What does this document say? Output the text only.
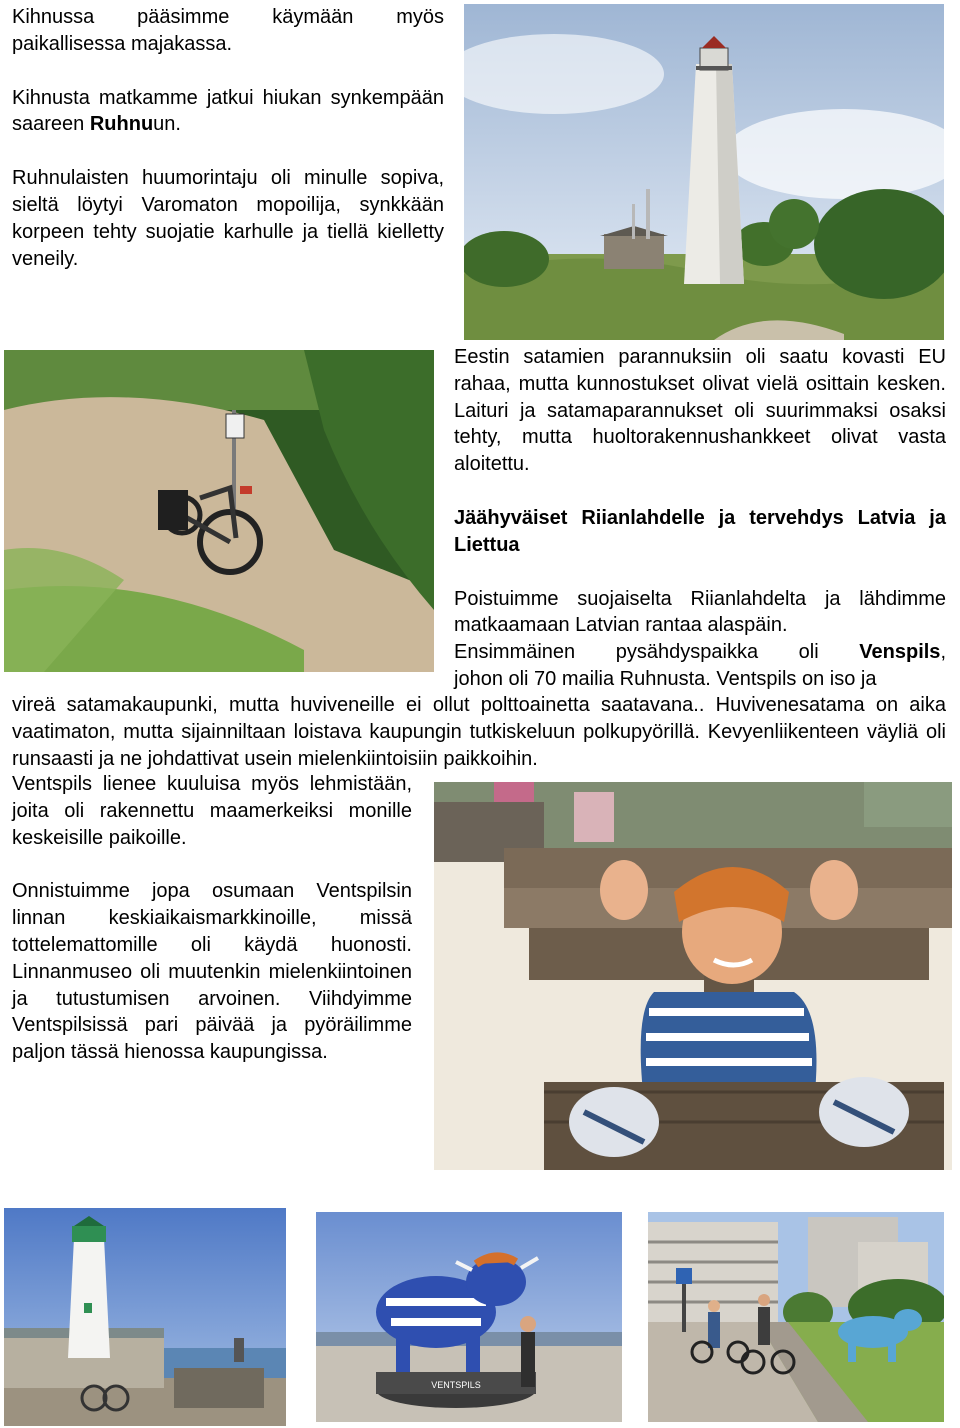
Kihnussa pääsimme käymään myös paikallisessa majakassa.

Kihnusta matkamme jatkui hiukan synkempään saareen Ruhnuun.

Ruhnulaisten huumorintaju oli minulle sopiva, sieltä löytyi Varomaton mopoilija, synkkään korpeen tehty suojatie karhulle ja tiellä kielletty veneily.

Eestin satamien parannuksiin oli saatu kovasti EU rahaa, mutta kunnostukset olivat vielä osittain kesken. Laituri ja satamaparannukset oli suurimmaksi osaksi tehty, mutta huoltorakennushankkeet olivat vasta aloitettu.

Jäähyväiset Riianlahdelle ja tervehdys Latvia ja Liettua

Poistuimme suojaiselta Riianlahdelta ja lähdimme matkaamaan Latvian rantaa alaspäin.

Ensimmäinen pysähdyspaikka oli Venspils,

johon oli 70 mailia Ruhnusta. Ventspils on iso ja

vireä satamakaupunki, mutta huviveneille ei ollut polttoainetta saatavana.. Huvivenesatama on aika vaatimaton, mutta sijainniltaan loistava kaupungin tutkiskeluun polkupyörillä. Kevyenliikenteen väyliä oli runsaasti ja ne johdattivat usein mielenkiintoisiin paikkoihin.

Ventspils lienee kuuluisa myös lehmistään, joita oli rakennettu maamerkeiksi monille keskeisille paikoille.

Onnistuimme jopa osumaan Ventspilsin linnan keskiaikaismarkkinoille, missä tottelemattomille oli käydä huonosti. Linnanmuseo oli muutenkin mielenkiintoinen ja tutustumisen arvoinen. Viihdyimme Ventspilsissä pari päivää ja pyöräilimme paljon tässä hienossa kaupungissa.

VENTSPILS
